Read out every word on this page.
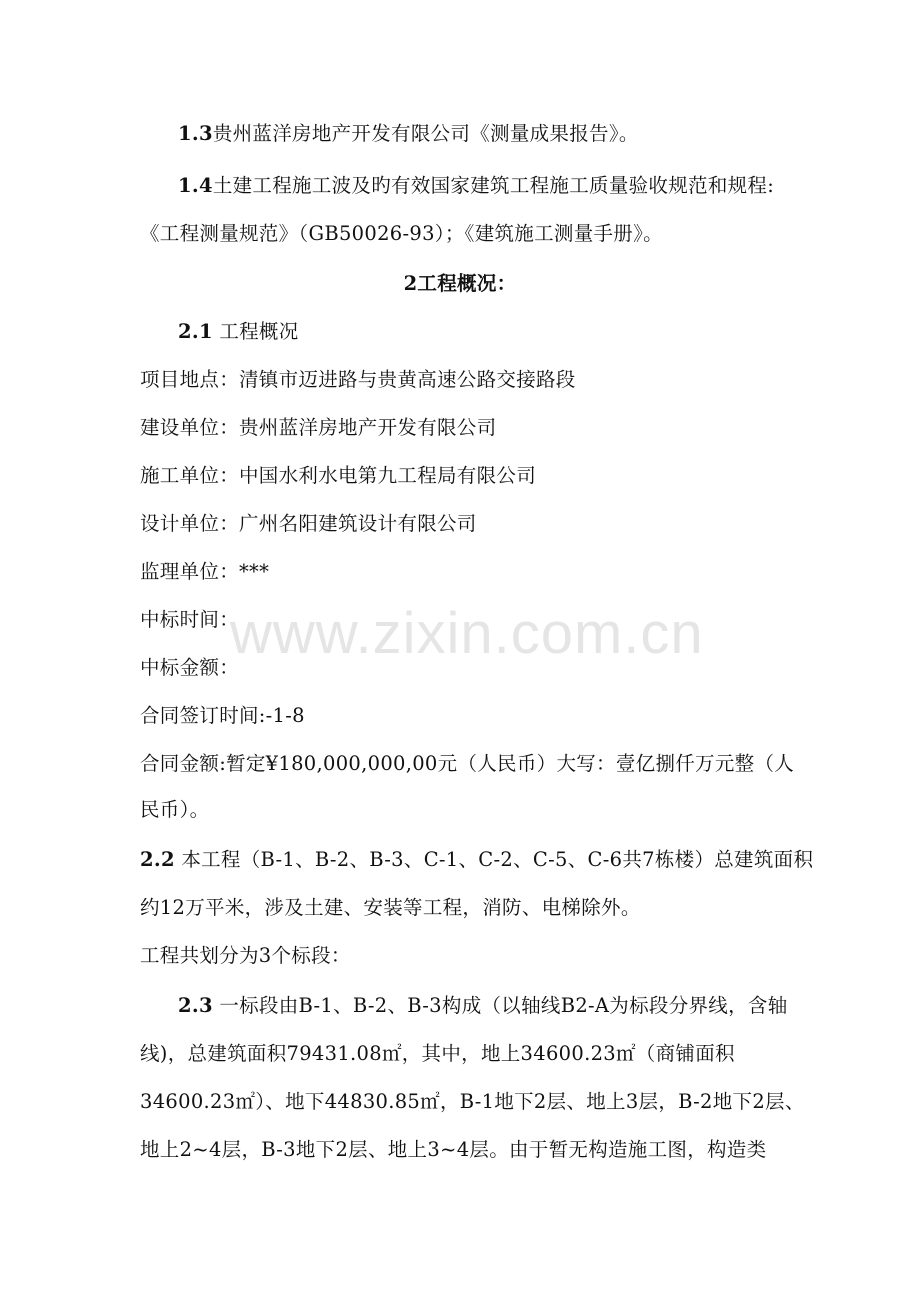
1.3贵州蓝洋房地产开发有限公司《测量成果报告》。
1.4土建工程施工波及旳有效国家建筑工程施工质量验收规范和规程:
《工程测量规范》（GB50026-93）；《建筑施工测量手册》。
2工程概况：
2.1 工程概况
项目地点：清镇市迈进路与贵黄高速公路交接路段
建设单位：贵州蓝洋房地产开发有限公司
施工单位：中国水利水电第九工程局有限公司
设计单位：广州名阳建筑设计有限公司
监理单位：***
中标时间：
中标金额：
合同签订时间:-1-8
合同金额:暂定¥180,000,000,00元（人民币）大写：壹亿捌仟万元整（人
民币）。
2.2 本工程（B-1、B-2、B-3、C-1、C-2、C-5、C-6共7栋楼）总建筑面积
约12万平米，涉及土建、安装等工程，消防、电梯除外。
工程共划分为3个标段：
2.3 一标段由B-1、B-2、B-3构成（以轴线B2-A为标段分界线，含轴
线)，总建筑面积79431.08㎡，其中，地上34600.23㎡（商铺面积
34600.23㎡）、地下44830.85㎡，B-1地下2层、地上3层，B-2地下2层、
地上2~4层，B-3地下2层、地上3~4层。由于暂无构造施工图，构造类
www.zixin.com.cn
